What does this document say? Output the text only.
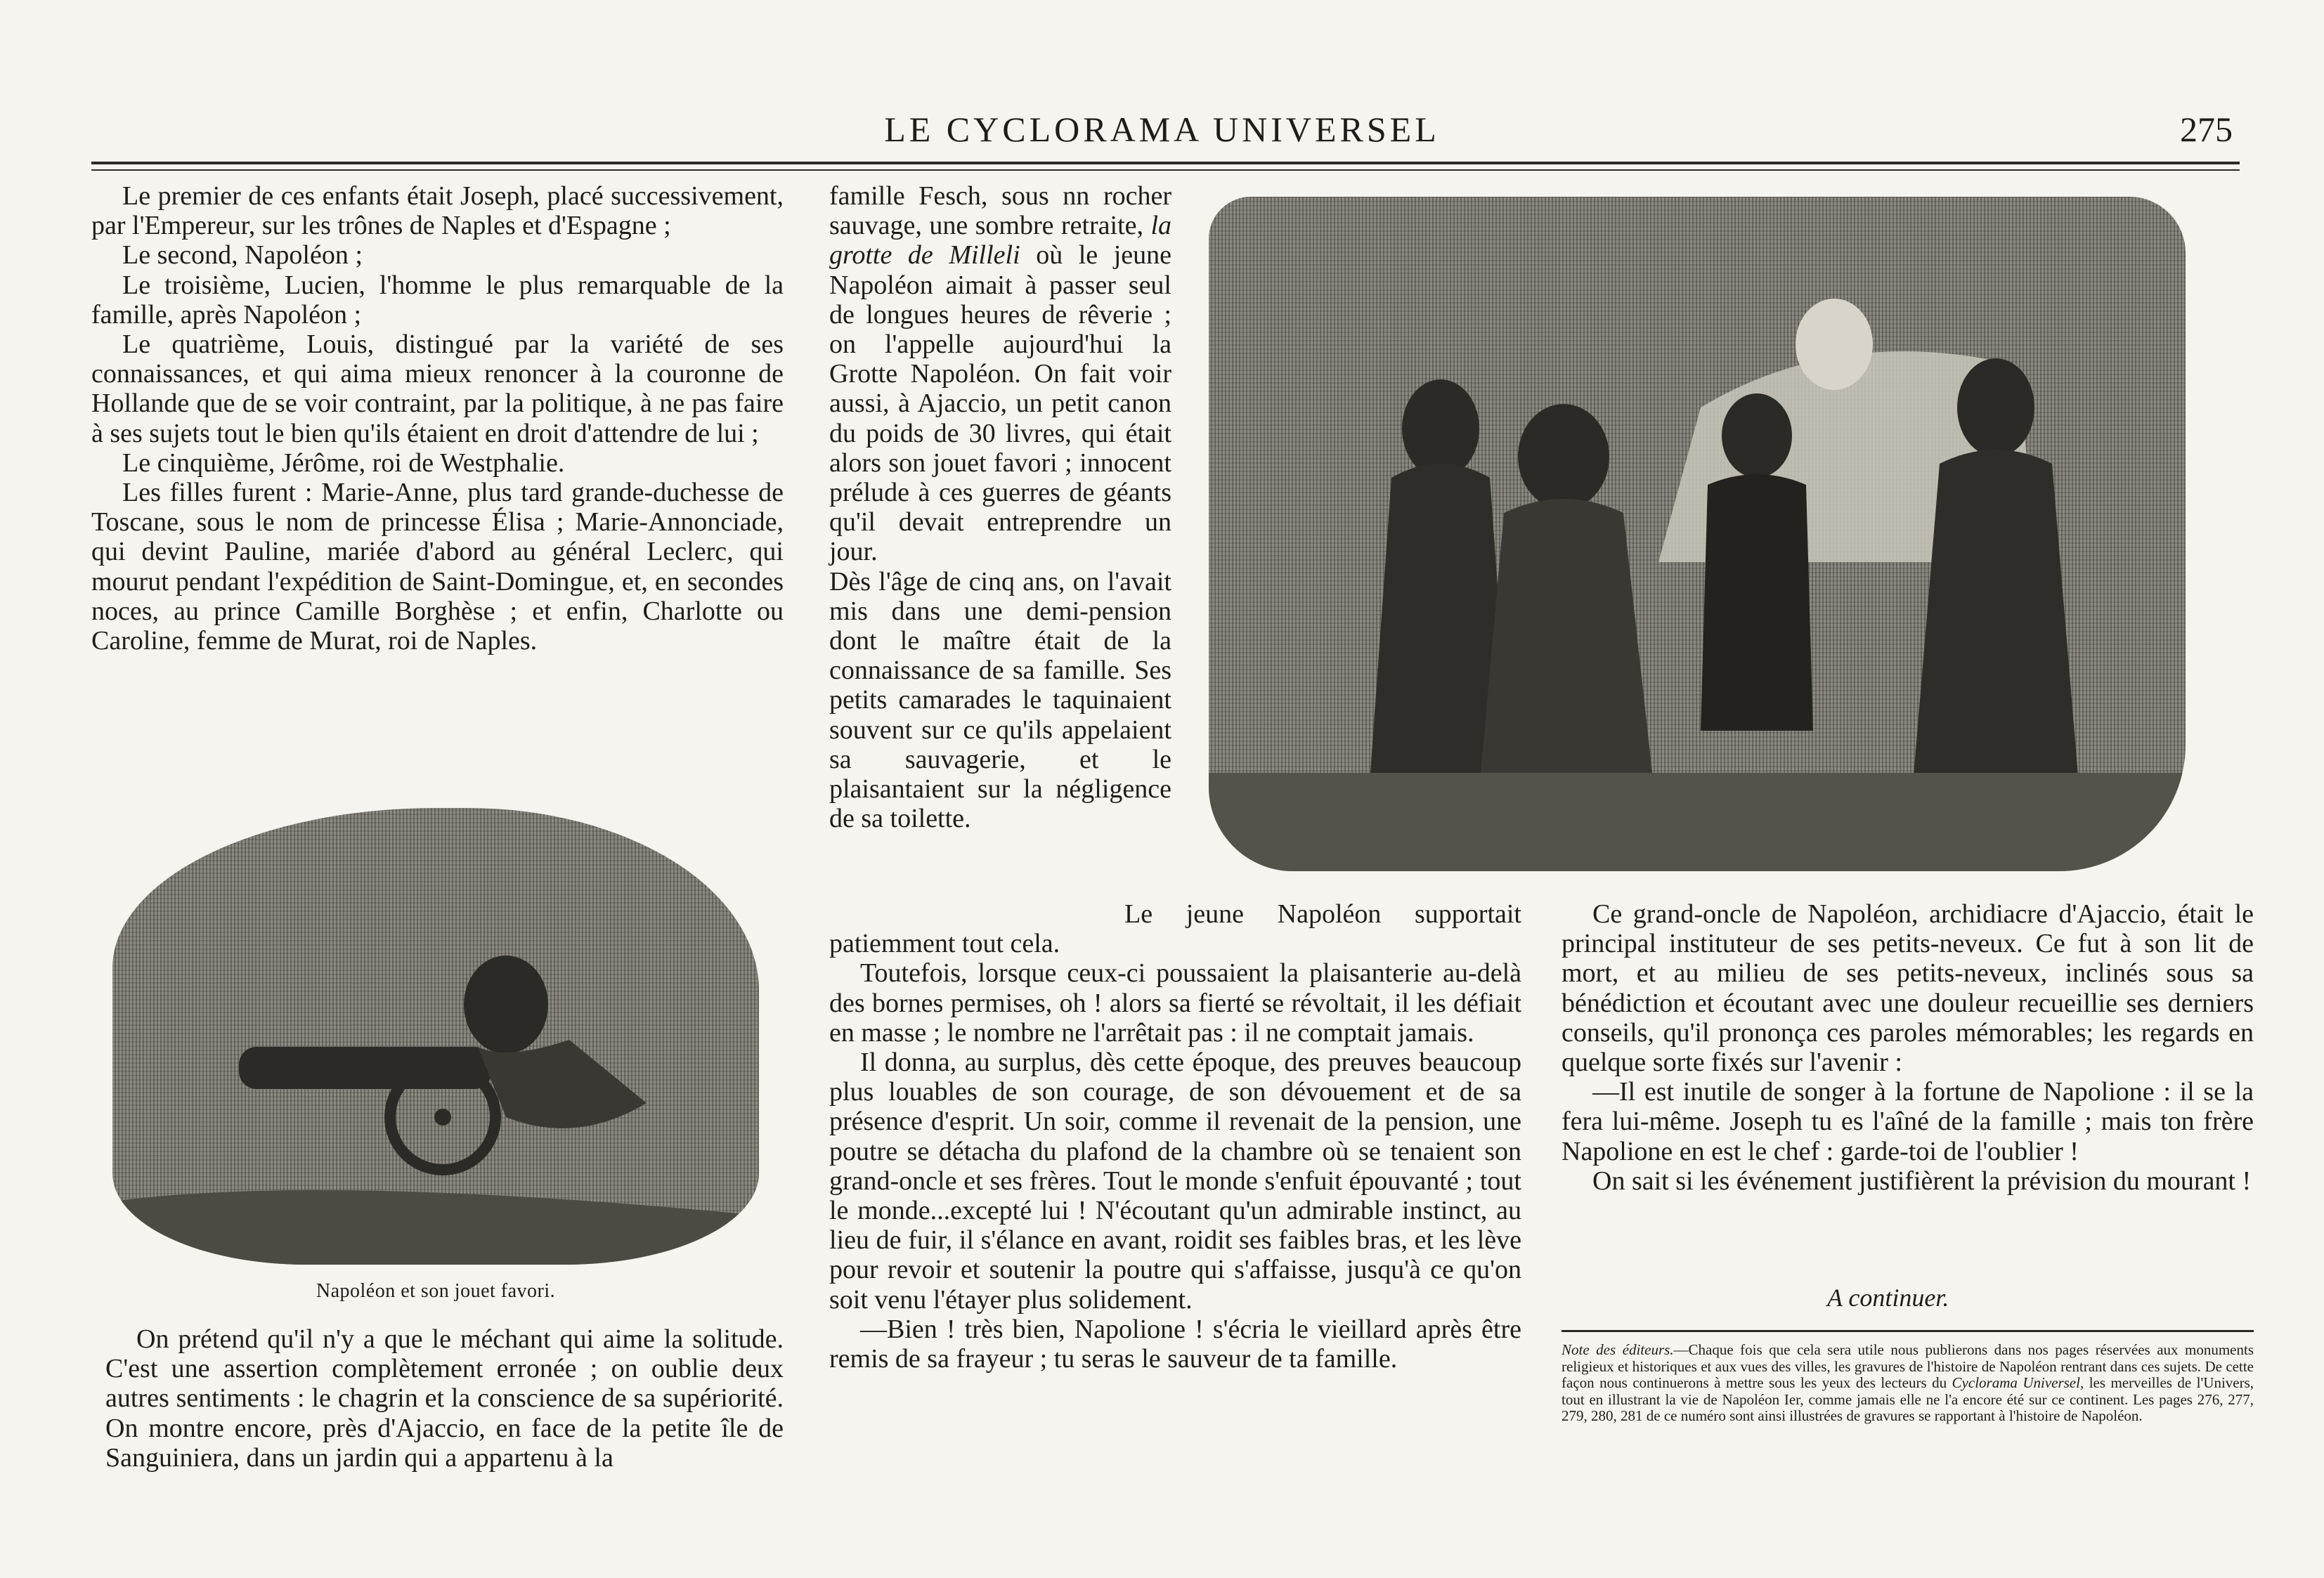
LE CYCLORAMA UNIVERSEL	275

Le premier de ces enfants était Joseph, placé successivement, par l'Empereur, sur les trônes de Naples et d'Espagne ;

Le second, Napoléon ;

Le troisième, Lucien, l'homme le plus remarquable de la famille, après Napoléon ;

Le quatrième, Louis, distingué par la variété de ses connaissances, et qui aima mieux renoncer à la couronne de Hollande que de se voir contraint, par la politique, à ne pas faire à ses sujets tout le bien qu'ils étaient en droit d'attendre de lui ;

Le cinquième, Jérôme, roi de Westphalie.

Les filles furent : Marie-Anne, plus tard grande-duchesse de Toscane, sous le nom de princesse Élisa ; Marie-Annonciade, qui devint Pauline, mariée d'abord au général Leclerc, qui mourut pendant l'expédition de Saint-Domingue, et, en secondes noces, au prince Camille Borghèse ; et enfin, Charlotte ou Caroline, femme de Murat, roi de Naples.

Napoléon et son jouet favori.

On prétend qu'il n'y a que le méchant qui aime la solitude. C'est une assertion complètement erronée ; on oublie deux autres sentiments : le chagrin et la conscience de sa supériorité. On montre encore, près d'Ajaccio, en face de la petite île de Sanguiniera, dans un jardin qui a appartenu à la

famille Fesch, sous nn rocher sauvage, une sombre retraite, la grotte de Milleli où le jeune Napoléon aimait à passer seul de longues heures de rêverie ; on l'appelle aujourd'hui la Grotte Napoléon. On fait voir aussi, à Ajaccio, un petit canon du poids de 30 livres, qui était alors son jouet favori ; innocent prélude à ces guerres de géants qu'il devait entreprendre un jour.

Dès l'âge de cinq ans, on l'avait mis dans une demi-pension dont le maître était de la connaissance de sa famille. Ses petits camarades le taquinaient souvent sur ce qu'ils appelaient sa sauvagerie, et le plaisantaient sur la négligence de sa toilette.

Le jeune Napoléon supportait patiemment tout cela.

Toutefois, lorsque ceux-ci poussaient la plaisanterie au-delà des bornes permises, oh ! alors sa fierté se révoltait, il les défiait en masse ; le nombre ne l'arrêtait pas : il ne comptait jamais.

Il donna, au surplus, dès cette époque, des preuves beaucoup plus louables de son courage, de son dévouement et de sa présence d'esprit. Un soir, comme il revenait de la pension, une poutre se détacha du plafond de la chambre où se tenaient son grand-oncle et ses frères. Tout le monde s'enfuit épouvanté ; tout le monde...excepté lui ! N'écoutant qu'un admirable instinct, au lieu de fuir, il s'élance en avant, roidit ses faibles bras, et les lève pour revoir et soutenir la poutre qui s'affaisse, jusqu'à ce qu'on soit venu l'étayer plus solidement.

—Bien ! très bien, Napolione ! s'écria le vieillard après être remis de sa frayeur ; tu seras le sauveur de ta famille.

Ce grand-oncle de Napoléon, archidiacre d'Ajaccio, était le principal instituteur de ses petits-neveux. Ce fut à son lit de mort, et au milieu de ses petits-neveux, inclinés sous sa bénédiction et écoutant avec une douleur recueillie ses derniers conseils, qu'il prononça ces paroles mémorables; les regards en quelque sorte fixés sur l'avenir :

—Il est inutile de songer à la fortune de Napolione : il se la fera lui-même. Joseph tu es l'aîné de la famille ; mais ton frère Napolione en est le chef : garde-toi de l'oublier !

On sait si les événement justifièrent la prévision du mourant !

A continuer.
Note des éditeurs.—Chaque fois que cela sera utile nous publierons dans nos pages réservées aux monuments religieux et historiques et aux vues des villes, les gravures de l'histoire de Napoléon rentrant dans ces sujets. De cette façon nous continuerons à mettre sous les yeux des lecteurs du Cyclorama Universel, les merveilles de l'Univers, tout en illustrant la vie de Napoléon Ier, comme jamais elle ne l'a encore été sur ce continent. Les pages 276, 277, 279, 280, 281 de ce numéro sont ainsi illustrées de gravures se rapportant à l'histoire de Napoléon.
